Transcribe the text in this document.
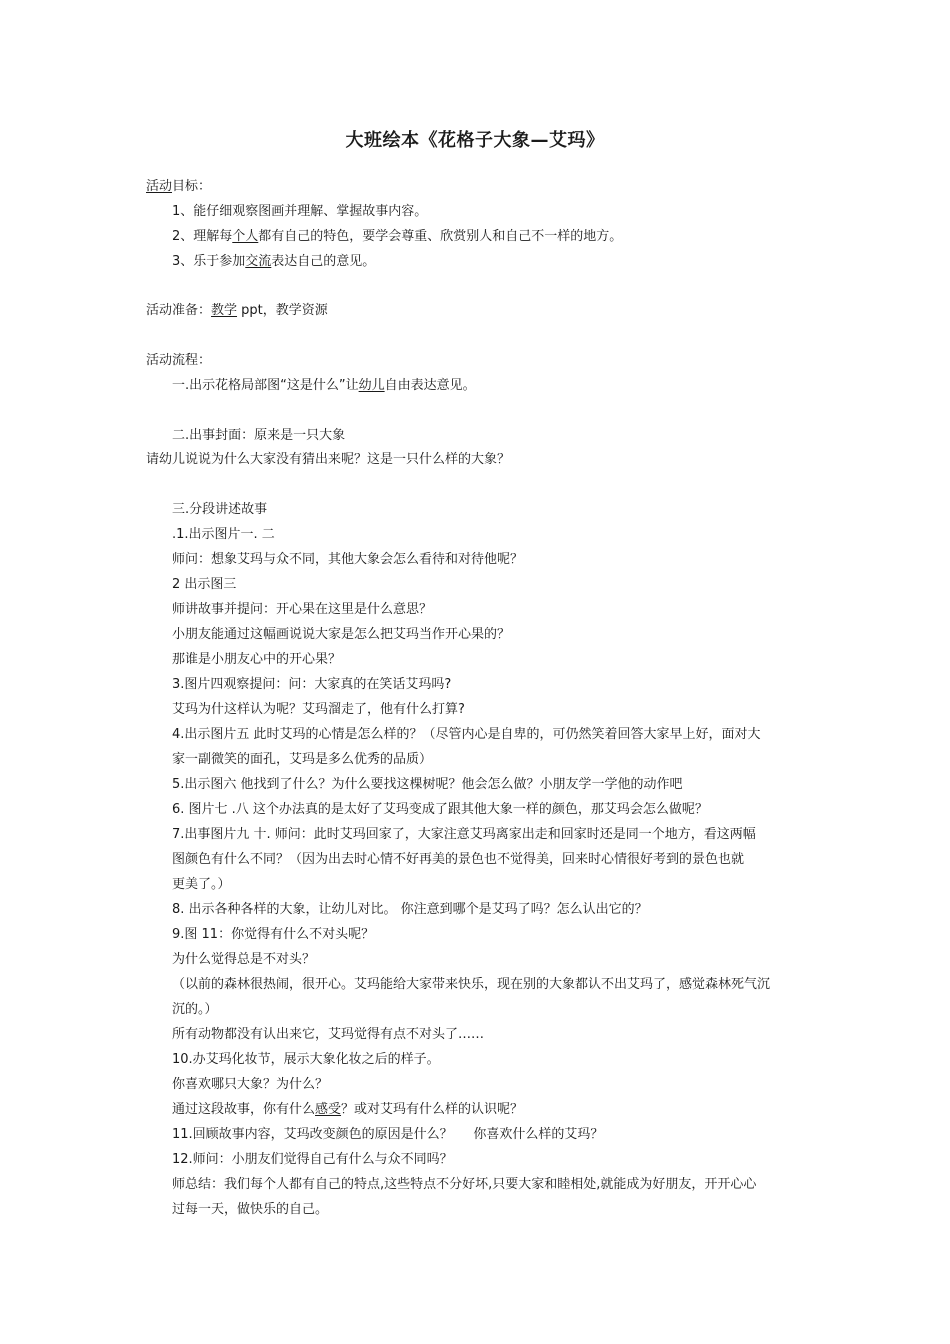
大班绘本《花格子大象—艾玛》
活动目标：
1、能仔细观察图画并理解、掌握故事内容。
2、理解每个人都有自己的特色，要学会尊重、欣赏别人和自己不一样的地方。
3、乐于参加交流表达自己的意见。
活动准备：教学 ppt，教学资源
活动流程：
一.出示花格局部图“这是什么”让幼儿自由表达意见。
二.出事封面：原来是一只大象
请幼儿说说为什么大家没有猜出来呢？这是一只什么样的大象？
三.分段讲述故事
.1.出示图片一. 二
师问：想象艾玛与众不同，其他大象会怎么看待和对待他呢？
2 出示图三
师讲故事并提问：开心果在这里是什么意思？
小朋友能通过这幅画说说大家是怎么把艾玛当作开心果的？
那谁是小朋友心中的开心果？
3.图片四观察提问：问：大家真的在笑话艾玛吗?
艾玛为什这样认为呢？艾玛溜走了，他有什么打算?
4.出示图片五 此时艾玛的心情是怎么样的？（尽管内心是自卑的，可仍然笑着回答大家早上好，面对大
家一副微笑的面孔，艾玛是多么优秀的品质）
5.出示图六 他找到了什么？为什么要找这棵树呢？他会怎么做？小朋友学一学他的动作吧
6. 图片七 .八 这个办法真的是太好了艾玛变成了跟其他大象一样的颜色，那艾玛会怎么做呢？
7.出事图片九 十. 师问：此时艾玛回家了，大家注意艾玛离家出走和回家时还是同一个地方，看这两幅
图颜色有什么不同？（因为出去时心情不好再美的景色也不觉得美，回来时心情很好考到的景色也就
更美了。）
8. 出示各种各样的大象，让幼儿对比。 你注意到哪个是艾玛了吗？怎么认出它的？
9.图 11：你觉得有什么不对头呢？
为什么觉得总是不对头？
（以前的森林很热闹，很开心。艾玛能给大家带来快乐，现在别的大象都认不出艾玛了，感觉森林死气沉
沉的。）
所有动物都没有认出来它，艾玛觉得有点不对头了……
10.办艾玛化妆节，展示大象化妆之后的样子。
你喜欢哪只大象？为什么？
通过这段故事，你有什么感受？或对艾玛有什么样的认识呢？
11.回顾故事内容，艾玛改变颜色的原因是什么？     你喜欢什么样的艾玛？
12.师问：小朋友们觉得自己有什么与众不同吗？
师总结：我们每个人都有自己的特点,这些特点不分好坏,只要大家和睦相处,就能成为好朋友，开开心心
过每一天，做快乐的自己。
